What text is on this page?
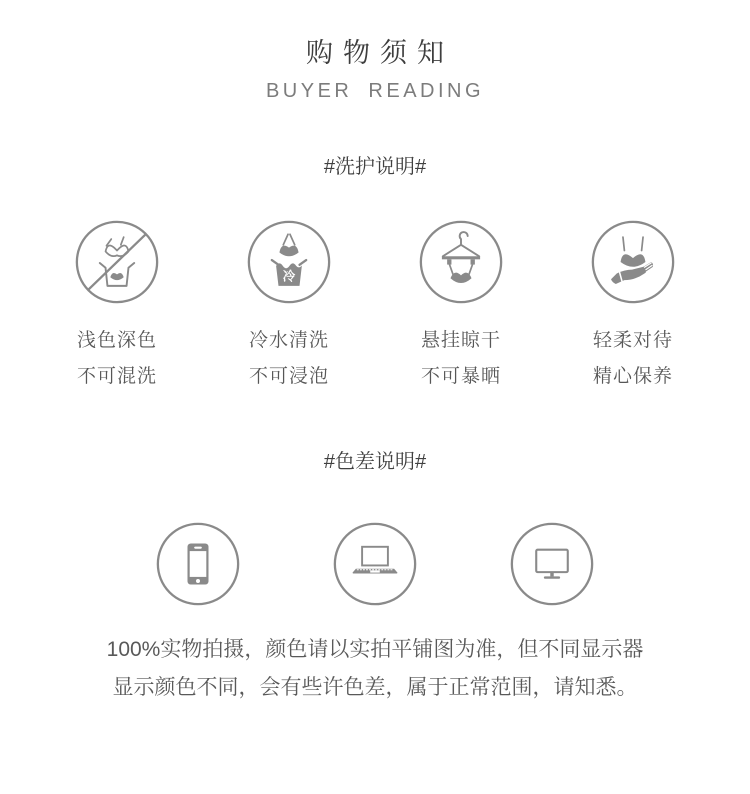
购物须知
BUYER READING
#洗护说明#
浅色深色
不可混洗
冷
冷水清洗
不可浸泡
悬挂晾干
不可暴晒
轻柔对待
精心保养
#色差说明#
100%实物拍摄，颜色请以实拍平铺图为准，但不同显示器
显示颜色不同，会有些许色差，属于正常范围，请知悉。
